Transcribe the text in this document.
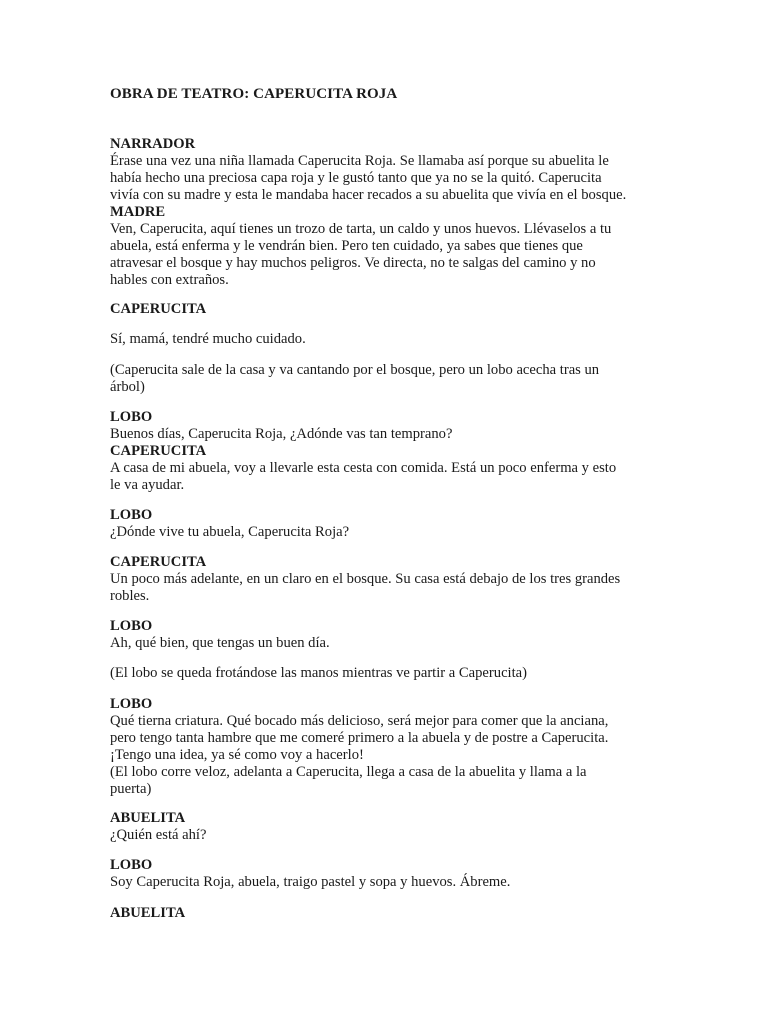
OBRA DE TEATRO: CAPERUCITA ROJA
NARRADOR
Érase una vez una niña llamada Caperucita Roja. Se llamaba así porque su abuelita le
había hecho una preciosa capa roja y le gustó tanto que ya no se la quitó. Caperucita
vivía con su madre y esta le mandaba hacer recados a su abuelita que vivía en el bosque.
MADRE
Ven, Caperucita, aquí tienes un trozo de tarta, un caldo y unos huevos. Llévaselos a tu
abuela, está enferma y le vendrán bien. Pero ten cuidado, ya sabes que tienes que
atravesar el bosque y hay muchos peligros. Ve directa, no te salgas del camino y no
hables con extraños.
CAPERUCITA
Sí, mamá, tendré mucho cuidado.
(Caperucita sale de la casa y va cantando por el bosque, pero un lobo acecha tras un
árbol)
LOBO
Buenos días, Caperucita Roja, ¿Adónde vas tan temprano?
CAPERUCITA
A casa de mi abuela, voy a llevarle esta cesta con comida. Está un poco enferma y esto
le va ayudar.
LOBO
¿Dónde vive tu abuela, Caperucita Roja?
CAPERUCITA
Un poco más adelante, en un claro en el bosque. Su casa está debajo de los tres grandes
robles.
LOBO
Ah, qué bien, que tengas un buen día.
(El lobo se queda frotándose las manos mientras ve partir a Caperucita)
LOBO
Qué tierna criatura. Qué bocado más delicioso, será mejor para comer que la anciana,
pero tengo tanta hambre que me comeré primero a la abuela y de postre a Caperucita.
¡Tengo una idea, ya sé como voy a hacerlo!
(El lobo corre veloz, adelanta a Caperucita, llega a casa de la abuelita y llama a la
puerta)
ABUELITA
¿Quién está ahí?
LOBO
Soy Caperucita Roja, abuela, traigo pastel y sopa y huevos. Ábreme.
ABUELITA
